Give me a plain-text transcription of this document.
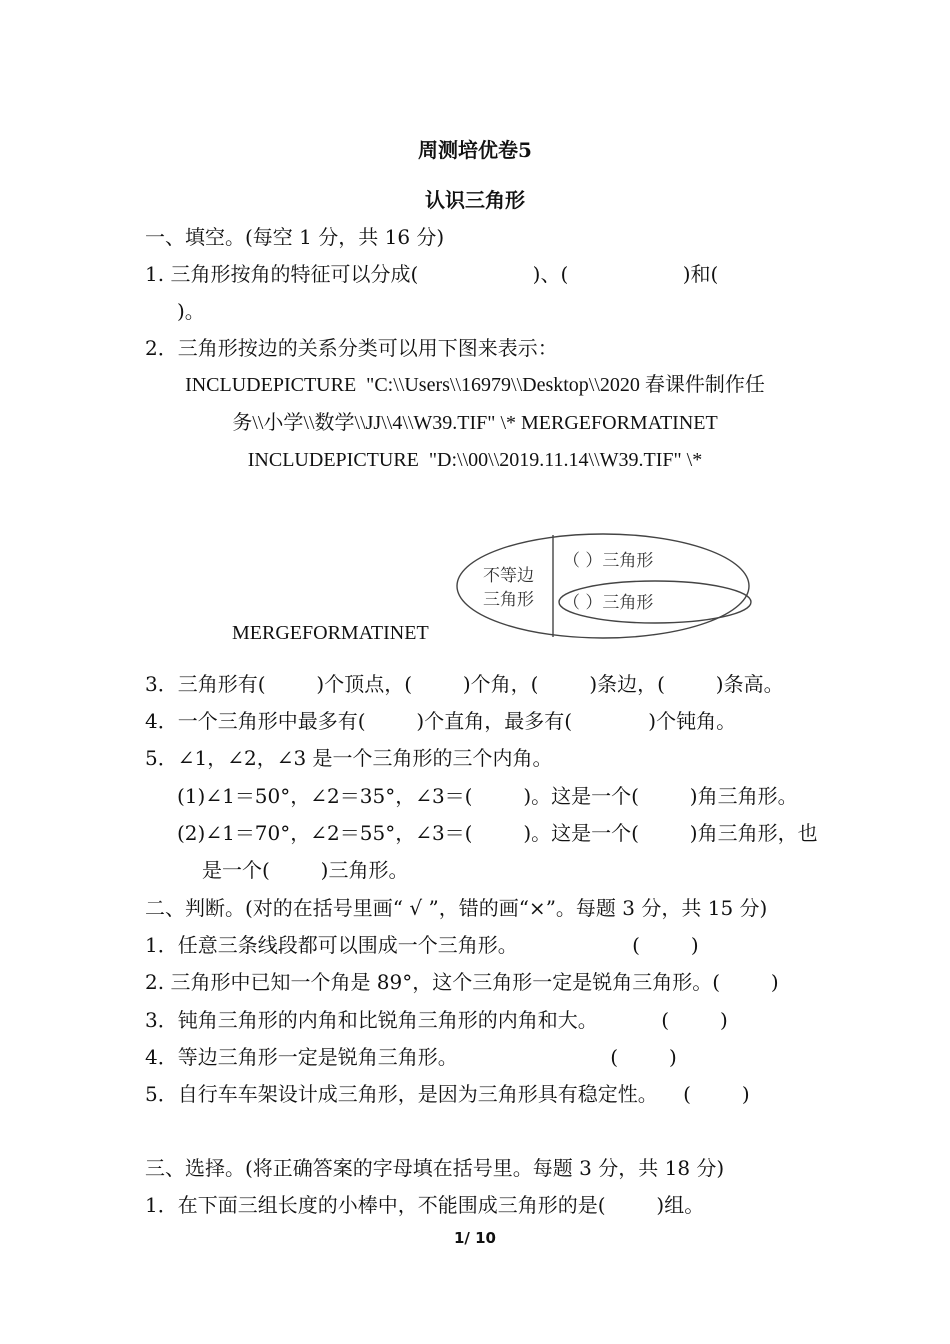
周测培优卷5
认识三角形
一、填空。(每空 1 分，共 16 分)
1. 三角形按角的特征可以分成(                  )、(                  )和(
)。
2．三角形按边的关系分类可以用下图来表示：
INCLUDEPICTURE  "C:\\Users\\16979\\Desktop\\2020 春课件制作任
务\\小学\\数学\\JJ\\4\\W39.TIF" \* MERGEFORMATINET
INCLUDEPICTURE  "D:\\00\\2019.11.14\\W39.TIF" \*
不等边
三角形
（ ）三角形
（ ）三角形
MERGEFORMATINET
3．三角形有(        )个顶点，(        )个角，(        )条边，(        )条高。
4．一个三角形中最多有(        )个直角，最多有(            )个钝角。
5．∠1，∠2，∠3 是一个三角形的三个内角。
(1)∠1＝50°，∠2＝35°，∠3＝(        )。这是一个(        )角三角形。
(2)∠1＝70°，∠2＝55°，∠3＝(        )。这是一个(        )角三角形，也
是一个(        )三角形。
二、判断。(对的在括号里画“ √ ”，错的画“×”。每题 3 分，共 15 分)
1．任意三条线段都可以围成一个三角形。                  (        )
2. 三角形中已知一个角是 89°，这个三角形一定是锐角三角形。(        )
3．钝角三角形的内角和比锐角三角形的内角和大。          (        )
4．等边三角形一定是锐角三角形。                        (        )
5．自行车车架设计成三角形，是因为三角形具有稳定性。    (        )
三、选择。(将正确答案的字母填在括号里。每题 3 分，共 18 分)
1．在下面三组长度的小棒中，不能围成三角形的是(        )组。
1/ 10
